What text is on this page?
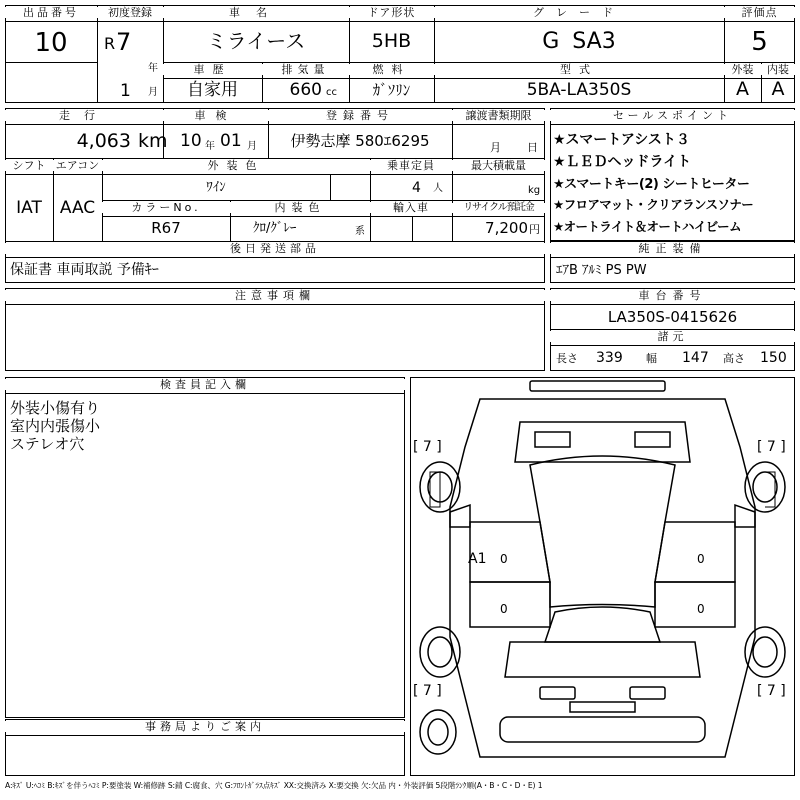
出品番号
10
初度登録
R 7
年
1 月
車名
ミライース
ドア形状
5HB
グレード
G SA3
評価点
5
車歴
自家用
排気量
660 cc
燃料
ｶﾞｿﾘﾝ
型式
5BA-LA350S
外装	内装
A	A
走行
4,063 km
車検
10 年 01 月
登録番号
伊勢志摩 580ｴ6295
譲渡書類期限
月 日
シフト
IAT
エアコン
AAC
外装色
ﾜｲﾝ
乗車定員
4 人
最大積載量
kg
カラーNo.
R67
内装色
ｸﾛ/ｸﾞﾚｰ	系
輸入車	リサイクル預託金
7,200 円
後日発送部品
保証書 車両取説 予備ｷｰ
セールスポイント
★スマートアシスト３
★ＬＥＤヘッドライト
★スマートキー(2) シートヒーター
★フロアマット・クリアランスソナー
★オートライト＆オートハイビーム
純正装備
ｴｱB ｱﾙﾐ PS PW
注意事項欄	車台番号
LA350S-0415626
諸元
長さ 339 幅 147 高さ 150
検査員記入欄
外装小傷有り
室内内張傷小
ステレオ穴
事務局よりご案内
[ 7 ]	[ 7 ]
[ 7 ]	[ 7 ]
A1 0	0
0	0
A:ｷｽﾞ U:ﾍｺﾐ B:ｷｽﾞを伴うﾍｺﾐ P:要塗装 W:補修跡 S:錆 C:腐食、穴 G:ﾌﾛﾝﾄｶﾞﾗｽ点ｷｽﾞ XX:交換済み X:要交換 欠:欠品 内・外装評価 5段階ﾗﾝｸ順(A・B・C・D・E) 1
